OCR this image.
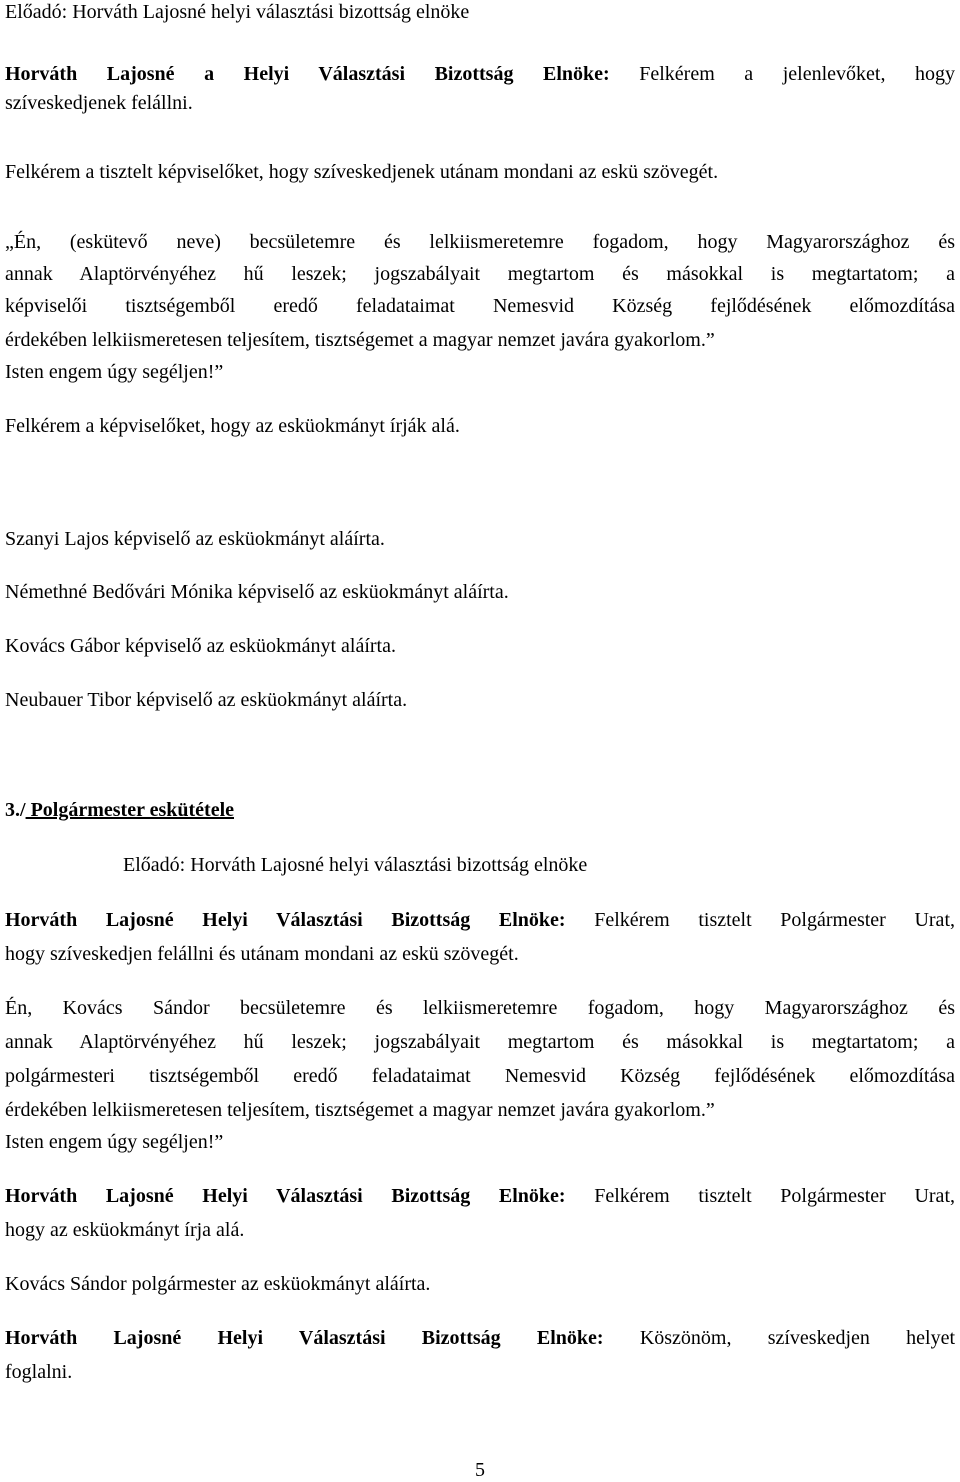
Előadó: Horváth Lajosné helyi választási bizottság elnöke
Horváth Lajosné a Helyi Választási Bizottság Elnöke: Felkérem a jelenlevőket, hogy
szíveskedjenek felállni.
Felkérem a tisztelt képviselőket, hogy szíveskedjenek utánam mondani az eskü szövegét.
„Én, (eskütevő neve) becsületemre és lelkiismeretemre fogadom, hogy Magyarországhoz és
annak Alaptörvényéhez hű leszek; jogszabályait megtartom és másokkal is megtartatom; a
képviselői tisztségemből eredő feladataimat Nemesvid Község fejlődésének előmozdítása
érdekében lelkiismeretesen teljesítem, tisztségemet a magyar nemzet javára gyakorlom.”
Isten engem úgy segéljen!”
Felkérem a képviselőket, hogy az esküokmányt írják alá.
Szanyi Lajos képviselő az esküokmányt aláírta.
Némethné Bedővári Mónika képviselő az esküokmányt aláírta.
Kovács Gábor képviselő az esküokmányt aláírta.
Neubauer Tibor képviselő az esküokmányt aláírta.
3./ Polgármester eskütétele
Előadó: Horváth Lajosné helyi választási bizottság elnöke
Horváth Lajosné Helyi Választási Bizottság Elnöke: Felkérem tisztelt Polgármester Urat,
hogy szíveskedjen felállni és utánam mondani az eskü szövegét.
Én, Kovács Sándor becsületemre és lelkiismeretemre fogadom, hogy Magyarországhoz és
annak Alaptörvényéhez hű leszek; jogszabályait megtartom és másokkal is megtartatom; a
polgármesteri tisztségemből eredő feladataimat Nemesvid Község fejlődésének előmozdítása
érdekében lelkiismeretesen teljesítem, tisztségemet a magyar nemzet javára gyakorlom.”
Isten engem úgy segéljen!”
Horváth Lajosné Helyi Választási Bizottság Elnöke: Felkérem tisztelt Polgármester Urat,
hogy az esküokmányt írja alá.
Kovács Sándor polgármester az esküokmányt aláírta.
Horváth Lajosné Helyi Választási Bizottság Elnöke: Köszönöm, szíveskedjen helyet
foglalni.
5
